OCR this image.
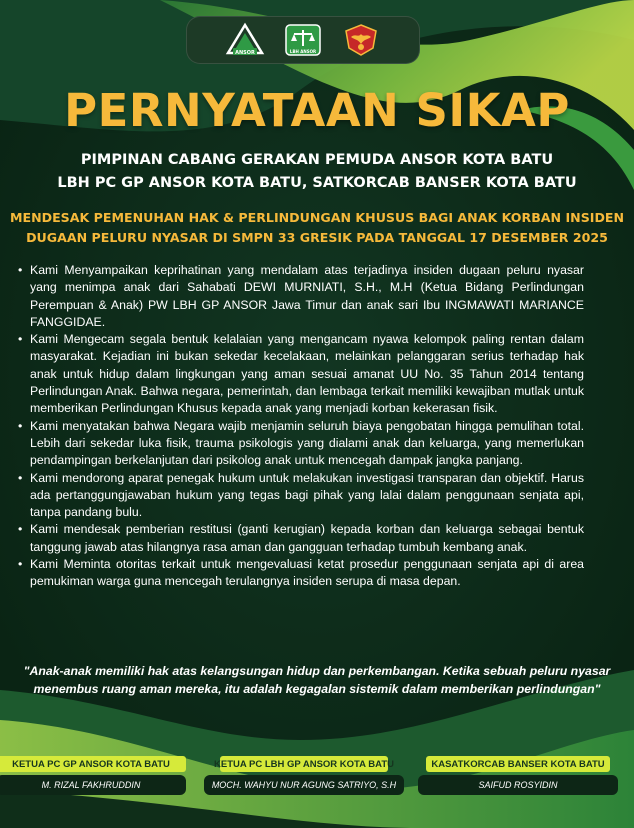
ANSOR	LBH ANSOR
PERNYATAAN SIKAP
PIMPINAN CABANG GERAKAN PEMUDA ANSOR KOTA BATU
LBH PC GP ANSOR KOTA BATU, SATKORCAB BANSER KOTA BATU
MENDESAK PEMENUHAN HAK & PERLINDUNGAN KHUSUS BAGI ANAK KORBAN INSIDEN
DUGAAN PELURU NYASAR DI SMPN 33 GRESIK PADA TANGGAL 17 DESEMBER 2025
• Kami Menyampaikan keprihatinan yang mendalam atas terjadinya insiden dugaan peluru nyasar yang menimpa anak dari Sahabati DEWI MURNIATI, S.H., M.H (Ketua Bidang Perlindungan Perempuan & Anak) PW LBH GP ANSOR Jawa Timur dan anak sari Ibu INGMAWATI MARIANCE FANGGIDAE.
• Kami Mengecam segala bentuk kelalaian yang mengancam nyawa kelompok paling rentan dalam masyarakat. Kejadian ini bukan sekedar kecelakaan, melainkan pelanggaran serius terhadap hak anak untuk hidup dalam lingkungan yang aman sesuai amanat UU No. 35 Tahun 2014 tentang Perlindungan Anak. Bahwa negara, pemerintah, dan lembaga terkait memiliki kewajiban mutlak untuk memberikan Perlindungan Khusus kepada anak yang menjadi korban kekerasan fisik.
• Kami menyatakan bahwa Negara wajib menjamin seluruh biaya pengobatan hingga pemulihan total. Lebih dari sekedar luka fisik, trauma psikologis yang dialami anak dan keluarga, yang memerlukan pendampingan berkelanjutan dari psikolog anak untuk mencegah dampak jangka panjang.
• Kami mendorong aparat penegak hukum untuk melakukan investigasi transparan dan objektif. Harus ada pertanggungjawaban hukum yang tegas bagi pihak yang lalai dalam penggunaan senjata api, tanpa pandang bulu.
• Kami mendesak pemberian restitusi (ganti kerugian) kepada korban dan keluarga sebagai bentuk tanggung jawab atas hilangnya rasa aman dan gangguan terhadap tumbuh kembang anak.
• Kami Meminta otoritas terkait untuk mengevaluasi ketat prosedur penggunaan senjata api di area pemukiman warga guna mencegah terulangnya insiden serupa di masa depan.
"Anak-anak memiliki hak atas kelangsungan hidup dan perkembangan. Ketika sebuah peluru nyasar menembus ruang aman mereka, itu adalah kegagalan sistemik dalam memberikan perlindungan"
KETUA PC GP ANSOR KOTA BATU
M. RIZAL FAKHRUDDIN
KETUA PC LBH GP ANSOR KOTA BATU
MOCH. WAHYU NUR AGUNG SATRIYO, S.H
KASATKORCAB BANSER KOTA BATU
SAIFUD ROSYIDIN
